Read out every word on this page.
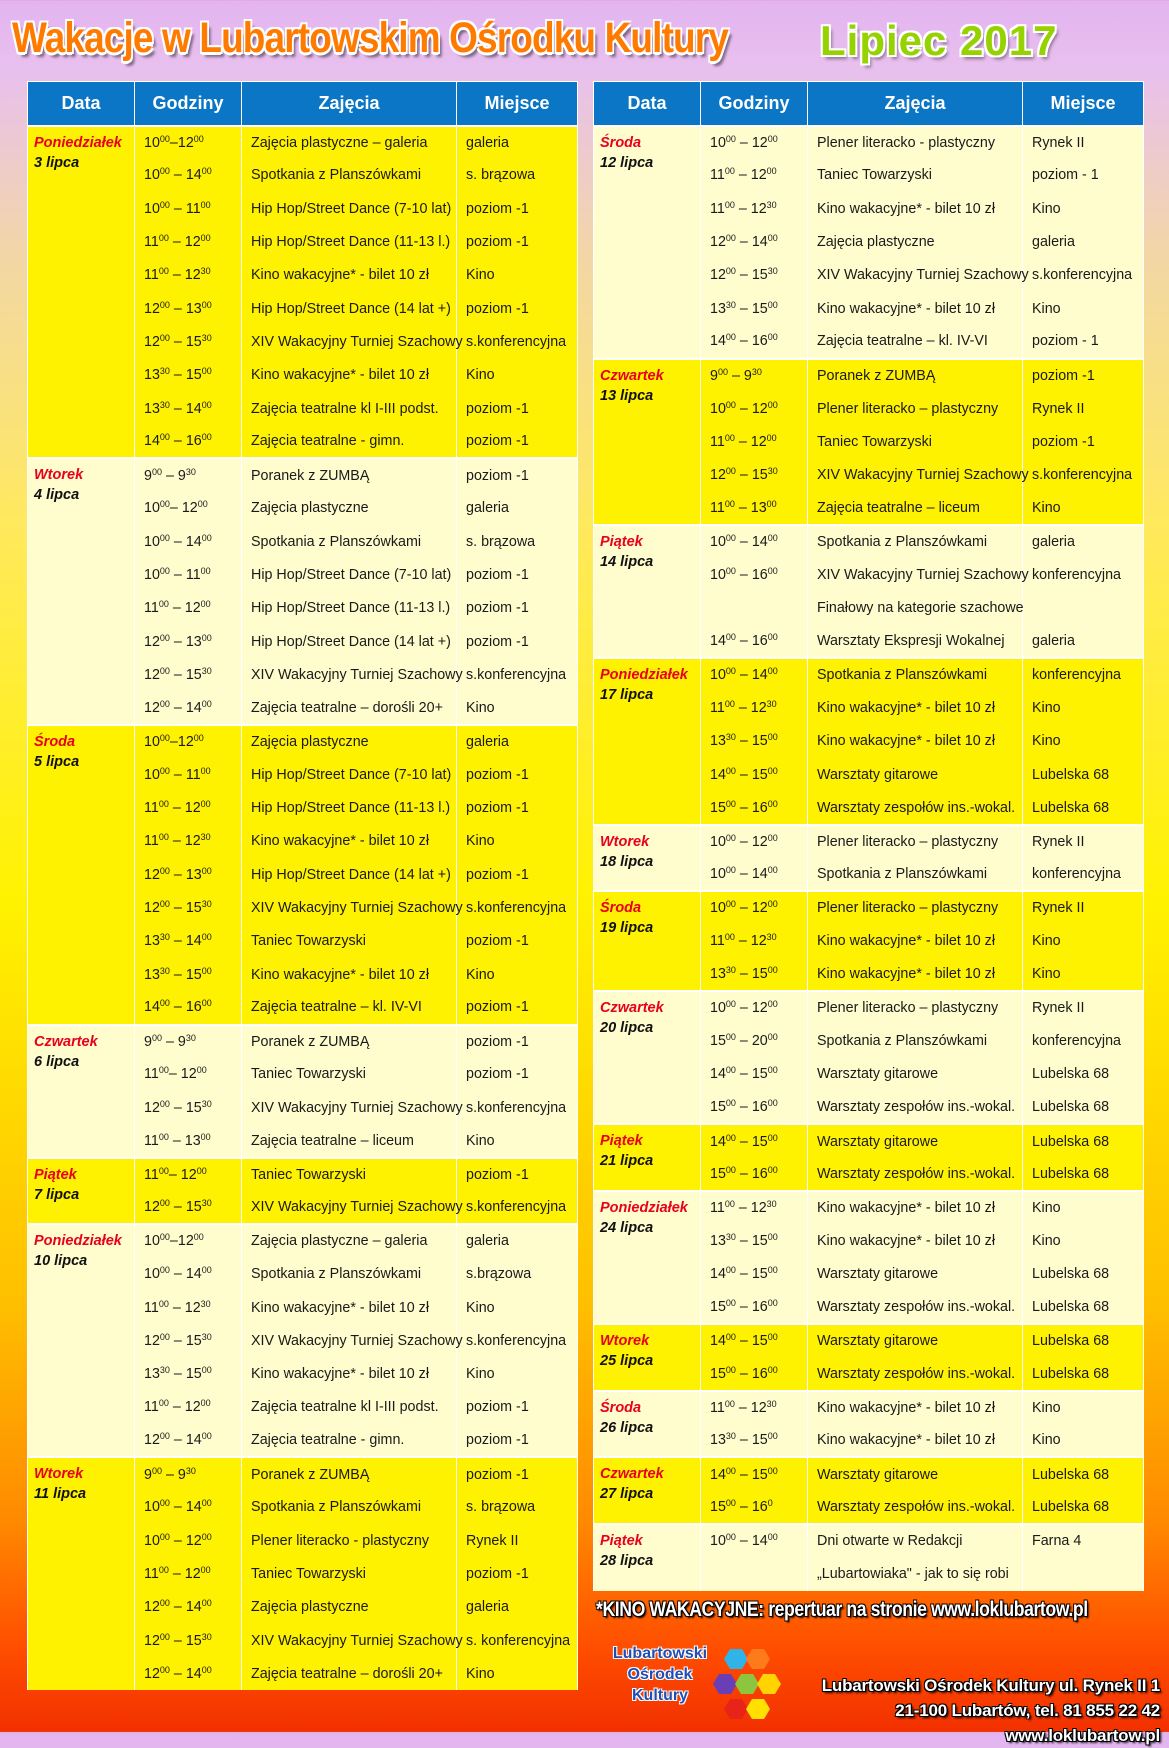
Wakacje w Lubartowskim Ośrodku Kultury Lipiec 2017
Data	Godziny	Zajęcia	Miejsce

Poniedziałek
3 lipca	$10^{00}-12^{00}$	Zajęcia plastyczne – galeria	galeria
	$10^{00} - 14^{00}$	Spotkania z Planszówkami	s. brązowa
	$10^{00} - 11^{00}$	Hip Hop/Street Dance (7-10 lat)	poziom -1
	$11^{00} - 12^{00}$	Hip Hop/Street Dance (11-13 l.)	poziom -1
	$11^{00} - 12^{30}$	Kino wakacyjne* - bilet 10 zł	Kino
	$12^{00} - 13^{00}$	Hip Hop/Street Dance (14 lat +)	poziom -1
	$12^{00} - 15^{30}$	XIV Wakacyjny Turniej Szachowy	s.konferencyjna
	$13^{30} - 15^{00}$	Kino wakacyjne* - bilet 10 zł	Kino
	$13^{30} - 14^{00}$	Zajęcia teatralne kl I-III podst.	poziom -1
	$14^{00} - 16^{00}$	Zajęcia teatralne - gimn.	poziom -1

Wtorek
4 lipca	$9^{00} - 9^{30}$	Poranek z ZUMBĄ	poziom -1
	$10^{00}-$ $12^{00}$	Zajęcia plastyczne	galeria
	$10^{00} - 14^{00}$	Spotkania z Planszówkami	s. brązowa
	$10^{00} - 11^{00}$	Hip Hop/Street Dance (7-10 lat)	poziom -1
	$11^{00} - 12^{00}$	Hip Hop/Street Dance (11-13 l.)	poziom -1
	$12^{00} - 13^{00}$	Hip Hop/Street Dance (14 lat +)	poziom -1
	$12^{00} - 15^{30}$	XIV Wakacyjny Turniej Szachowy	s.konferencyjna
	$12^{00} - 14^{00}$	Zajęcia teatralne – dorośli 20+	Kino

Środa
5 lipca	$10^{00}-12^{00}$	Zajęcia plastyczne	galeria
	$10^{00} - 11^{00}$	Hip Hop/Street Dance (7-10 lat)	poziom -1
	$11^{00} - 12^{00}$	Hip Hop/Street Dance (11-13 l.)	poziom -1
	$11^{00} - 12^{30}$	Kino wakacyjne* - bilet 10 zł	Kino
	$12^{00} - 13^{00}$	Hip Hop/Street Dance (14 lat +)	poziom -1
	$12^{00} - 15^{30}$	XIV Wakacyjny Turniej Szachowy	s.konferencyjna
	$13^{30} - 14^{00}$	Taniec Towarzyski	poziom -1
	$13^{30} - 15^{00}$	Kino wakacyjne* - bilet 10 zł	Kino
	$14^{00} - 16^{00}$	Zajęcia teatralne – kl. IV-VI	poziom -1

Czwartek
6 lipca	$9^{00} - 9^{30}$	Poranek z ZUMBĄ	poziom -1
	$11^{00}-$ $12^{00}$	Taniec Towarzyski	poziom -1
	$12^{00} - 15^{30}$	XIV Wakacyjny Turniej Szachowy	s.konferencyjna
	$11^{00} - 13^{00}$	Zajęcia teatralne – liceum	Kino

Piątek
7 lipca	$11^{00}-$ $12^{00}$	Taniec Towarzyski	poziom -1
	$12^{00} - 15^{30}$	XIV Wakacyjny Turniej Szachowy	s.konferencyjna

Poniedziałek
10 lipca	$10^{00}-12^{00}$	Zajęcia plastyczne – galeria	galeria
	$10^{00} - 14^{00}$	Spotkania z Planszówkami	s.brązowa
	$11^{00} - 12^{30}$	Kino wakacyjne* - bilet 10 zł	Kino
	$12^{00} - 15^{30}$	XIV Wakacyjny Turniej Szachowy	s.konferencyjna
	$13^{30} - 15^{00}$	Kino wakacyjne* - bilet 10 zł	Kino
	$11^{00} - 12^{00}$	Zajęcia teatralne kl I-III podst.	poziom -1
	$12^{00} - 14^{00}$	Zajęcia teatralne - gimn.	poziom -1

Wtorek
11 lipca	$9^{00} - 9^{30}$	Poranek z ZUMBĄ	poziom -1
	$10^{00} - 14^{00}$	Spotkania z Planszówkami	s. brązowa
	$10^{00} - 12^{00}$	Plener literacko - plastyczny	Rynek II
	$11^{00} - 12^{00}$	Taniec Towarzyski	poziom -1
	$12^{00} - 14^{00}$	Zajęcia plastyczne	galeria
	$12^{00} - 15^{30}$	XIV Wakacyjny Turniej Szachowy	s. konferencyjna
	$12^{00} - 14^{00}$	Zajęcia teatralne – dorośli 20+	Kino
Data	Godziny	Zajęcia	Miejsce

Środa
12 lipca	$10^{00} - 12^{00}$	Plener literacko - plastyczny	Rynek II
	$11^{00} - 12^{00}$	Taniec Towarzyski	poziom - 1
	$11^{00} - 12^{30}$	Kino wakacyjne* - bilet 10 zł	Kino
	$12^{00} - 14^{00}$	Zajęcia plastyczne	galeria
	$12^{00} - 15^{30}$	XIV Wakacyjny Turniej Szachowy	s.konferencyjna
	$13^{30} - 15^{00}$	Kino wakacyjne* - bilet 10 zł	Kino
	$14^{00} - 16^{00}$	Zajęcia teatralne – kl. IV-VI	poziom - 1

Czwartek
13 lipca	$9^{00} - 9^{30}$	Poranek z ZUMBĄ	poziom -1
	$10^{00} - 12^{00}$	Plener literacko – plastyczny	Rynek II
	$11^{00} - 12^{00}$	Taniec Towarzyski	poziom -1
	$12^{00} - 15^{30}$	XIV Wakacyjny Turniej Szachowy	s.konferencyjna
	$11^{00} - 13^{00}$	Zajęcia teatralne – liceum	Kino

Piątek
14 lipca	$10^{00} - 14^{00}$	Spotkania z Planszówkami	galeria
	$10^{00} - 16^{00}$	XIV Wakacyjny Turniej Szachowy	konferencyjna
		Finałowy na kategorie szachowe	
	$14^{00} - 16^{00}$	Warsztaty Ekspresji Wokalnej	galeria

Poniedziałek
17 lipca	$10^{00} - 14^{00}$	Spotkania z Planszówkami	konferencyjna
	$11^{00} - 12^{30}$	Kino wakacyjne* - bilet 10 zł	Kino
	$13^{30} - 15^{00}$	Kino wakacyjne* - bilet 10 zł	Kino
	$14^{00} - 15^{00}$	Warsztaty gitarowe	Lubelska 68
	$15^{00} - 16^{00}$	Warsztaty zespołów ins.-wokal.	Lubelska 68

Wtorek
18 lipca	$10^{00} - 12^{00}$	Plener literacko – plastyczny	Rynek II
	$10^{00} - 14^{00}$	Spotkania z Planszówkami	konferencyjna

Środa
19 lipca	$10^{00} - 12^{00}$	Plener literacko – plastyczny	Rynek II
	$11^{00} - 12^{30}$	Kino wakacyjne* - bilet 10 zł	Kino
	$13^{30} - 15^{00}$	Kino wakacyjne* - bilet 10 zł	Kino

Czwartek
20 lipca	$10^{00} - 12^{00}$	Plener literacko – plastyczny	Rynek II
	$15^{00} - 20^{00}$	Spotkania z Planszówkami	konferencyjna
	$14^{00} - 15^{00}$	Warsztaty gitarowe	Lubelska 68
	$15^{00} - 16^{00}$	Warsztaty zespołów ins.-wokal.	Lubelska 68

Piątek
21 lipca	$14^{00} - 15^{00}$	Warsztaty gitarowe	Lubelska 68
	$15^{00} - 16^{00}$	Warsztaty zespołów ins.-wokal.	Lubelska 68

Poniedziałek
24 lipca	$11^{00} - 12^{30}$	Kino wakacyjne* - bilet 10 zł	Kino
	$13^{30} - 15^{00}$	Kino wakacyjne* - bilet 10 zł	Kino
	$14^{00} - 15^{00}$	Warsztaty gitarowe	Lubelska 68
	$15^{00} - 16^{00}$	Warsztaty zespołów ins.-wokal.	Lubelska 68

Wtorek
25 lipca	$14^{00} - 15^{00}$	Warsztaty gitarowe	Lubelska 68
	$15^{00} - 16^{00}$	Warsztaty zespołów ins.-wokal.	Lubelska 68

Środa
26 lipca	$11^{00} - 12^{30}$	Kino wakacyjne* - bilet 10 zł	Kino
	$13^{30} - 15^{00}$	Kino wakacyjne* - bilet 10 zł	Kino

Czwartek
27 lipca	$14^{00} - 15^{00}$	Warsztaty gitarowe	Lubelska 68
	$15^{00} - 16^0$	Warsztaty zespołów ins.-wokal.	Lubelska 68

Piątek
28 lipca	$10^{00} - 14^{00}$	Dni otwarte w Redakcji	Farna 4
		„Lubartowiaka" - jak to się robi	
*KINO WAKACYJNE: repertuar na stronie www.loklubartow.pl
Lubartowski
Ośrodek
Kultury
Lubartowski Ośrodek Kultury ul. Rynek II 1
21-100 Lubartów, tel. 81 855 22 42
www.loklubartow.pl
